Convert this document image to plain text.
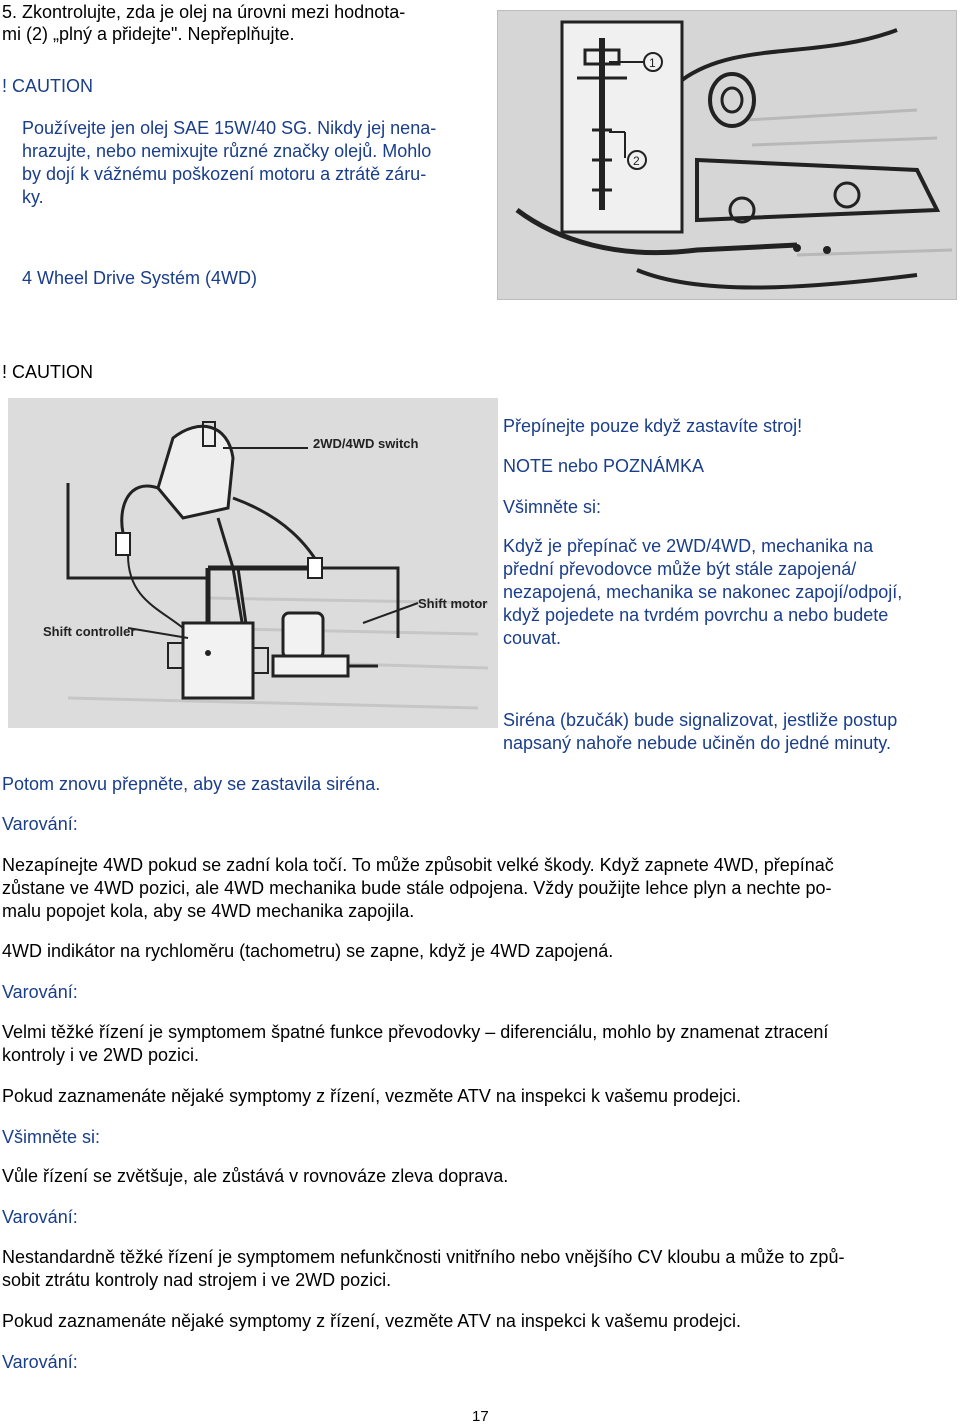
5. Zkontrolujte, zda je olej na úrovni mezi hodnota-
mi (2) „plný a přidejte". Nepřeplňujte.
! CAUTION
Používejte jen olej SAE 15W/40 SG. Nikdy jej nena-
hrazujte, nebo nemixujte různé značky olejů. Mohlo
by dojí k vážnému poškození motoru a ztrátě záru-
ky.
4 Wheel Drive Systém (4WD)
! CAUTION
1
2
2WD/4WD switch
Shift motor
Shift controller
Přepínejte pouze když zastavíte stroj!
NOTE nebo POZNÁMKA
Všimněte si:
Když je přepínač ve 2WD/4WD, mechanika na
přední převodovce může být stále zapojená/
nezapojená, mechanika se nakonec zapojí/odpojí,
když pojedete na tvrdém povrchu a nebo budete
couvat.
Siréna (bzučák) bude signalizovat, jestliže postup
napsaný nahoře nebude učiněn do jedné minuty.
Potom znovu přepněte, aby se zastavila siréna.
Varování:
Nezapínejte 4WD pokud se zadní kola točí. To může způsobit velké škody. Když zapnete 4WD, přepínač
zůstane ve 4WD pozici, ale 4WD mechanika bude stále odpojena. Vždy použijte lehce plyn a nechte po-
malu popojet kola, aby se 4WD mechanika zapojila.
4WD indikátor na rychloměru (tachometru) se zapne, když je 4WD zapojená.
Varování:
Velmi těžké řízení je symptomem špatné funkce převodovky – diferenciálu, mohlo by znamenat ztracení
kontroly i ve 2WD pozici.
Pokud zaznamenáte nějaké symptomy z řízení, vezměte ATV na inspekci k vašemu prodejci.
Všimněte si:
Vůle řízení se zvětšuje, ale zůstává v rovnováze zleva doprava.
Varování:
Nestandardně těžké řízení je symptomem nefunkčnosti vnitřního nebo vnějšího CV kloubu a může to způ-
sobit ztrátu kontroly nad strojem i ve 2WD pozici.
Pokud zaznamenáte nějaké symptomy z řízení, vezměte ATV na inspekci k vašemu prodejci.
Varování:
17
